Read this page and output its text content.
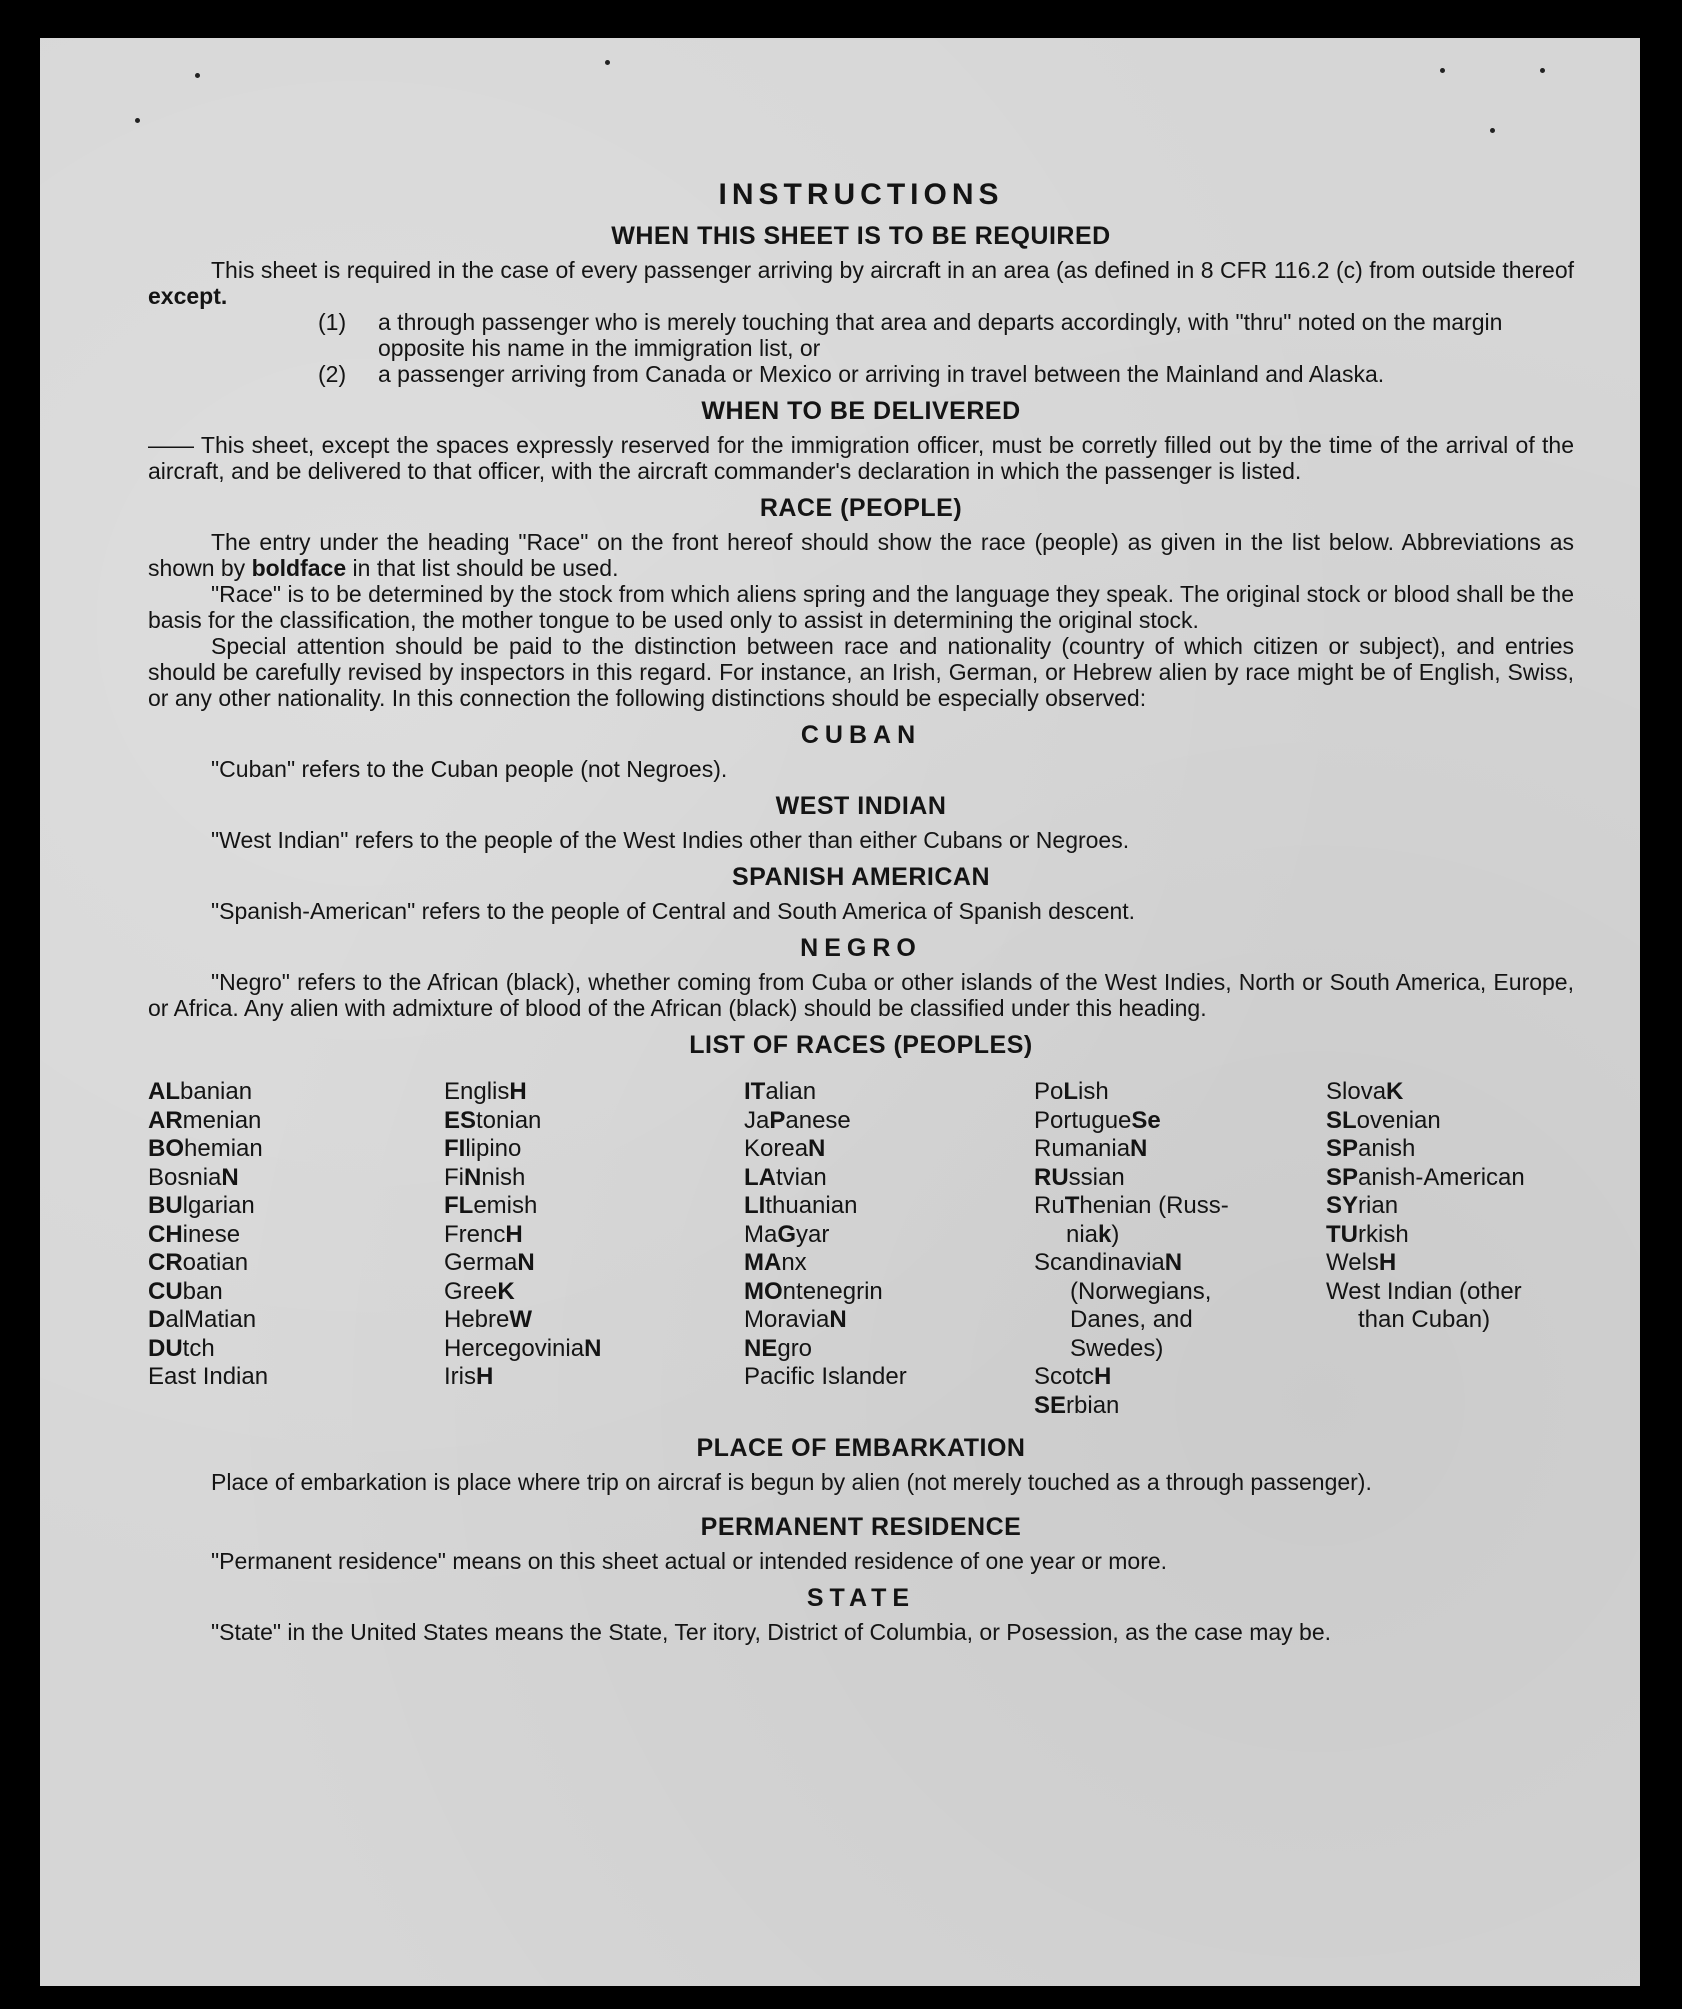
INSTRUCTIONS
WHEN THIS SHEET IS TO BE REQUIRED

This sheet is required in the case of every passenger arriving by aircraft in an area (as defined in 8 CFR 116.2 (c) from outside thereof except.

(1)	a through passenger who is merely touching that area and departs accordingly, with "thru" noted on the margin opposite his name in the immigration list, or
(2)	a passenger arriving from Canada or Mexico or arriving in travel between the Mainland and Alaska.
WHEN TO BE DELIVERED

—— This sheet, except the spaces expressly reserved for the immigration officer, must be corretly filled out by the time of the arrival of the aircraft, and be delivered to that officer, with the aircraft commander's declaration in which the passenger is listed.

RACE (PEOPLE)

The entry under the heading "Race" on the front hereof should show the race (people) as given in the list below. Abbreviations as shown by boldface in that list should be used.

"Race" is to be determined by the stock from which aliens spring and the language they speak. The original stock or blood shall be the basis for the classification, the mother tongue to be used only to assist in determining the original stock.

Special attention should be paid to the distinction between race and nationality (country of which citizen or subject), and entries should be carefully revised by inspectors in this regard. For instance, an Irish, German, or Hebrew alien by race might be of English, Swiss, or any other nationality. In this connection the following distinctions should be especially observed:

CUBAN

"Cuban" refers to the Cuban people (not Negroes).

WEST INDIAN

"West Indian" refers to the people of the West Indies other than either Cubans or Negroes.

SPANISH AMERICAN

"Spanish-American" refers to the people of Central and South America of Spanish descent.

NEGRO

"Negro" refers to the African (black), whether coming from Cuba or other islands of the West Indies, North or South America, Europe, or Africa. Any alien with admixture of blood of the African (black) should be classified under this heading.

LIST OF RACES (PEOPLES)
ALbanian
ARmenian
BOhemian
BosniaN
BUlgarian
CHinese
CRoatian
CUban
DalMatian
DUtch
East Indian
EnglisH
EStonian
FIlipino
FiNnish
FLemish
FrencH
GermaN
GreeK
HebreW
HercegoviniaN
IrisH
ITalian
JaPanese
KoreaN
LAtvian
LIthuanian
MaGyar
MAnx
MOntenegrin
MoraviaN
NEgro
Pacific Islander
PoLish
PortugueSe
RumaniaN
RUssian
RuThenian (Russ-
niak)
ScandinaviaN
(Norwegians,
Danes, and
Swedes)
ScotcH
SErbian
SlovaK
SLovenian
SPanish
SPanish-American
SYrian
TUrkish
WelsH
West Indian (other
than Cuban)
PLACE OF EMBARKATION

Place of embarkation is place where trip on aircraf is begun by alien (not merely touched as a through passenger).

PERMANENT RESIDENCE

"Permanent residence" means on this sheet actual or intended residence of one year or more.

STATE

"State" in the United States means the State, Ter itory, District of Columbia, or Posession, as the case may be.
